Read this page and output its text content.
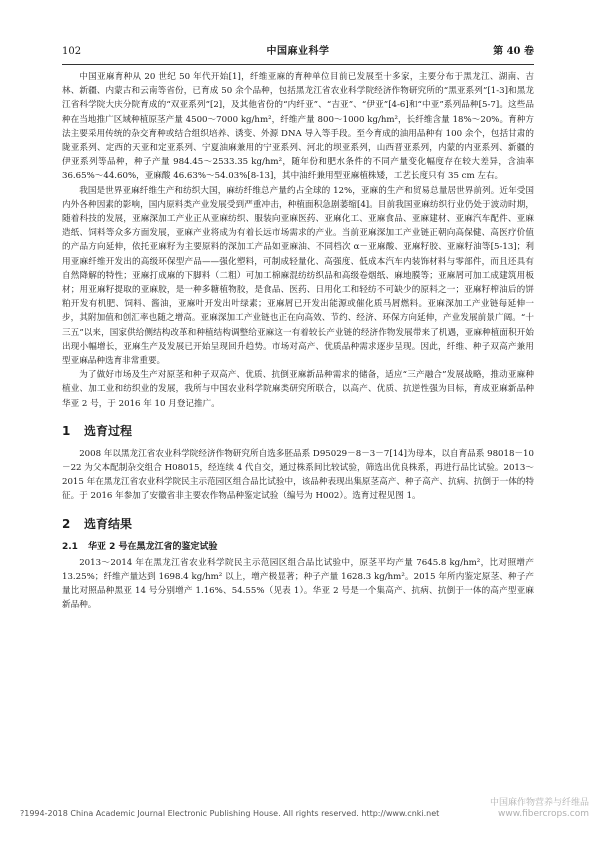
102	中国麻业科学	第 40 卷

中国亚麻育种从 20 世纪 50 年代开始[1]，纤维亚麻的育种单位目前已发展至十多家，主要分布于黑龙江、湖南、吉林、新疆、内蒙古和云南等省份，已育成 50 余个品种，包括黑龙江省农业科学院经济作物研究所的“黑亚系列”[1-3]和黑龙江省科学院大庆分院育成的“双亚系列”[2]，及其他省份的“内纤亚”、“吉亚”、“伊亚”[4-6]和“中亚”系列品种[5-7]。这些品种在当地推广区域种植原茎产量 4500～7000 kg/hm²，纤维产量 800～1000 kg/hm²，长纤维含量 18%～20%。育种方法主要采用传统的杂交育种或结合组织培养、诱变、外源 DNA 导入等手段。至今育成的油用品种有 100 余个，包括甘肃的陇亚系列、定西的天亚和定亚系列、宁夏油麻兼用的宁亚系列、河北的坝亚系列，山西晋亚系列，内蒙的内亚系列、新疆的伊亚系列等品种，种子产量 984.45～2533.35 kg/hm²，随年份和肥水条件的不同产量变化幅度存在较大差异，含油率 36.65%～44.60%，亚麻酸 46.63%～54.03%[8-13]，其中油纤兼用型亚麻植株矮，工艺长度只有 35 cm 左右。

我国是世界亚麻纤维生产和纺织大国，麻纺纤维总产量约占全球的 12%，亚麻的生产和贸易总量居世界前列。近年受国内外各种因素的影响，国内原料类产业发展受到严重冲击，种植面积急剧萎缩[4]。目前我国亚麻纺织行业仍处于波动时期，随着科技的发展，亚麻深加工产业正从亚麻纺织、服装向亚麻医药、亚麻化工、亚麻食品、亚麻建材、亚麻汽车配件、亚麻造纸、饲料等众多方面发展，亚麻产业将成为有着长远市场需求的产业。当前亚麻深加工产业链正朝向高保健、高医疗价值的产品方向延伸，依托亚麻籽为主要原料的深加工产品如亚麻油、不同档次 α－亚麻酸、亚麻籽胶、亚麻籽油等[5-13]；利用亚麻纤维开发出的高级环保型产品——强化塑料，可制成轻量化、高强度、低成本汽车内装饰材料与零部件，而且还具有自然降解的特性；亚麻打成麻的下脚料（二粗）可加工棉麻混纺纺织品和高级卷烟纸、麻地膜等；亚麻屑可加工成建筑用板材；用亚麻籽提取的亚麻胶，是一种多糖植物胶，是食品、医药、日用化工和轻纺不可缺少的原料之一；亚麻籽榨油后的饼粕开发有机肥、饲料、酱油，亚麻叶开发出叶绿素；亚麻屑已开发出能源或催化质马屑燃料。亚麻深加工产业链每延伸一步，其附加值和创汇率也随之增高。亚麻深加工产业链也正在向高效、节约、经济、环保方向延伸，产业发展前景广阔。“十三五”以来，国家供给侧结构改革和种植结构调整给亚麻这一有着较长产业链的经济作物发展带来了机遇，亚麻种植面积开始出现小幅增长，亚麻生产及发展已开始呈现回升趋势。市场对高产、优质品种需求逐步呈现。因此，纤维、种子双高产兼用型亚麻品种选育非常重要。

为了做好市场及生产对原茎和种子双高产、优质、抗倒亚麻新品种需求的储备，适应“三产融合”发展战略，推动亚麻种植业、加工业和纺织业的发展，我所与中国农业科学院麻类研究所联合，以高产、优质、抗逆性强为目标，育成亚麻新品种华亚 2 号，于 2016 年 10 月登记推广。

1 选育过程

2008 年以黑龙江省农业科学院经济作物研究所自选多胚品系 D95029－8－3－7[14]为母本，以自育品系 98018－10－22 为父本配制杂交组合 H08015，经连续 4 代自交，通过株系间比较试验，筛选出优良株系，再进行品比试验。2013～2015 年在黑龙江省农业科学院民主示范园区组合品比试验中，该品种表现出集原茎高产、种子高产、抗病、抗倒于一体的特征。于 2016 年参加了安徽省非主要农作物品种鉴定试验（编号为 H002）。选育过程见图 1。

2 选育结果
2.1 华亚 2 号在黑龙江省的鉴定试验

2013～2014 年在黑龙江省农业科学院民主示范园区组合品比试验中，原茎平均产量 7645.8 kg/hm²，比对照增产 13.25%；纤维产量达到 1698.4 kg/hm² 以上，增产极显著；种子产量 1628.3 kg/hm²。2015 年所内鉴定原茎、种子产量比对照品种黑亚 14 号分别增产 1.16%、54.55%（见表 1）。华亚 2 号是一个集高产、抗病、抗倒于一体的高产型亚麻新品种。

?1994-2018 China Academic Journal Electronic Publishing House. All rights reserved. http://www.cnki.net
中国麻作物营养与纤维品
www.fibercrops.com
